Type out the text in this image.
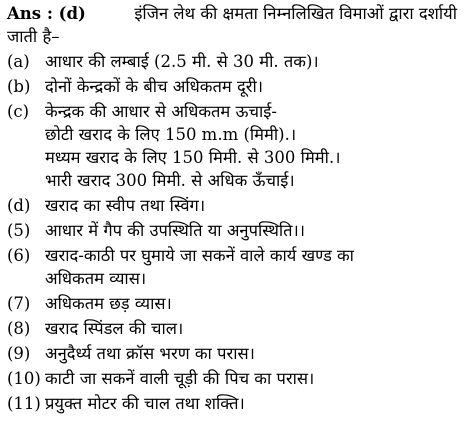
Ans : (d)	इंजिन लेथ की क्षमता निम्नलिखित विमाओं द्वारा दर्शायी
जाती है–
(a) आधार की लम्बाई (2.5 मी. से 30 मी. तक)।
(b) दोनों केन्द्रकों के बीच अधिकतम दूरी।
(c) केन्द्रक की आधार से अधिकतम ऊचाई-
छोटी खराद के लिए 150 m.m (मिमी).।
मध्यम खराद के लिए 150 मिमी. से 300 मिमी.।
भारी खराद 300 मिमी. से अधिक ऊँचाई।
(d) खराद का स्वीप तथा स्विंग।
(5) आधार में गैप की उपस्थिति या अनुपस्थिति।।
(6) खराद-काठी पर घुमाये जा सकनें वाले कार्य खण्ड का
अधिकतम व्यास।
(7) अधिकतम छड़ व्यास।
(8) खराद स्पिंडल की चाल।
(9) अनुदैर्ध्य तथा क्रॉस भरण का परास।
(10) काटी जा सकनें वाली चूड़ी की पिच का परास।
(11) प्रयुक्त मोटर की चाल तथा शक्ति।
